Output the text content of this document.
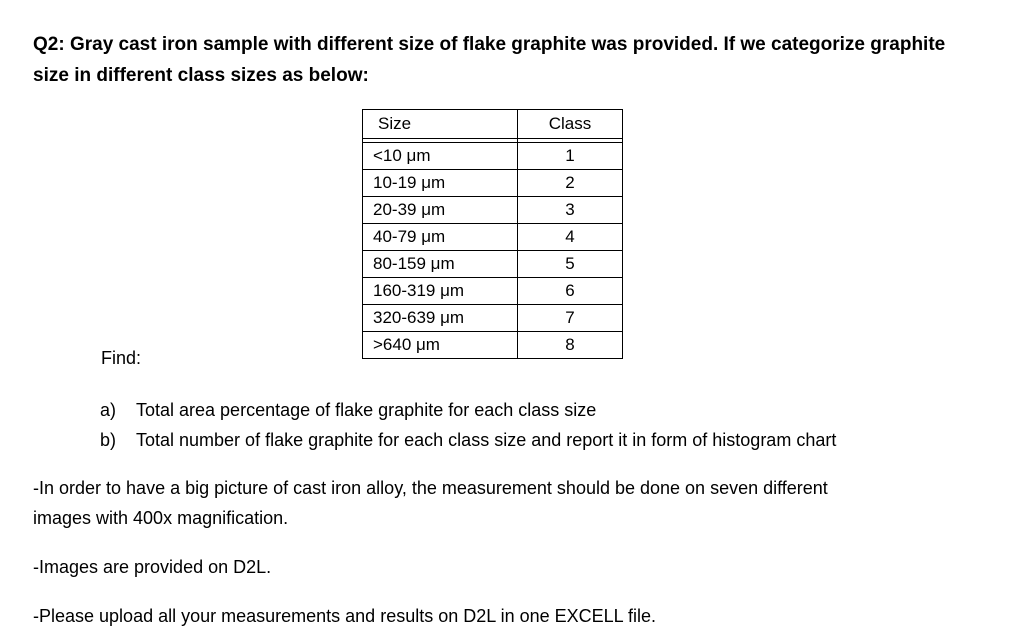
Q2: Gray cast iron sample with different size of flake graphite was provided. If we categorize graphite
size in different class sizes as below:
Size	Class

<10 μm	1
10-19 μm	2
20-39 μm	3
40-79 μm	4
80-159 μm	5
160-319 μm	6
320-639 μm	7
>640 μm	8

Find:

a)	Total area percentage of flake graphite for each class size
b)	Total number of flake graphite for each class size and report it in form of histogram chart
-In order to have a big picture of cast iron alloy, the measurement should be done on seven different
images with 400x magnification.

-Images are provided on D2L.

-Please upload all your measurements and results on D2L in one EXCELL file.
